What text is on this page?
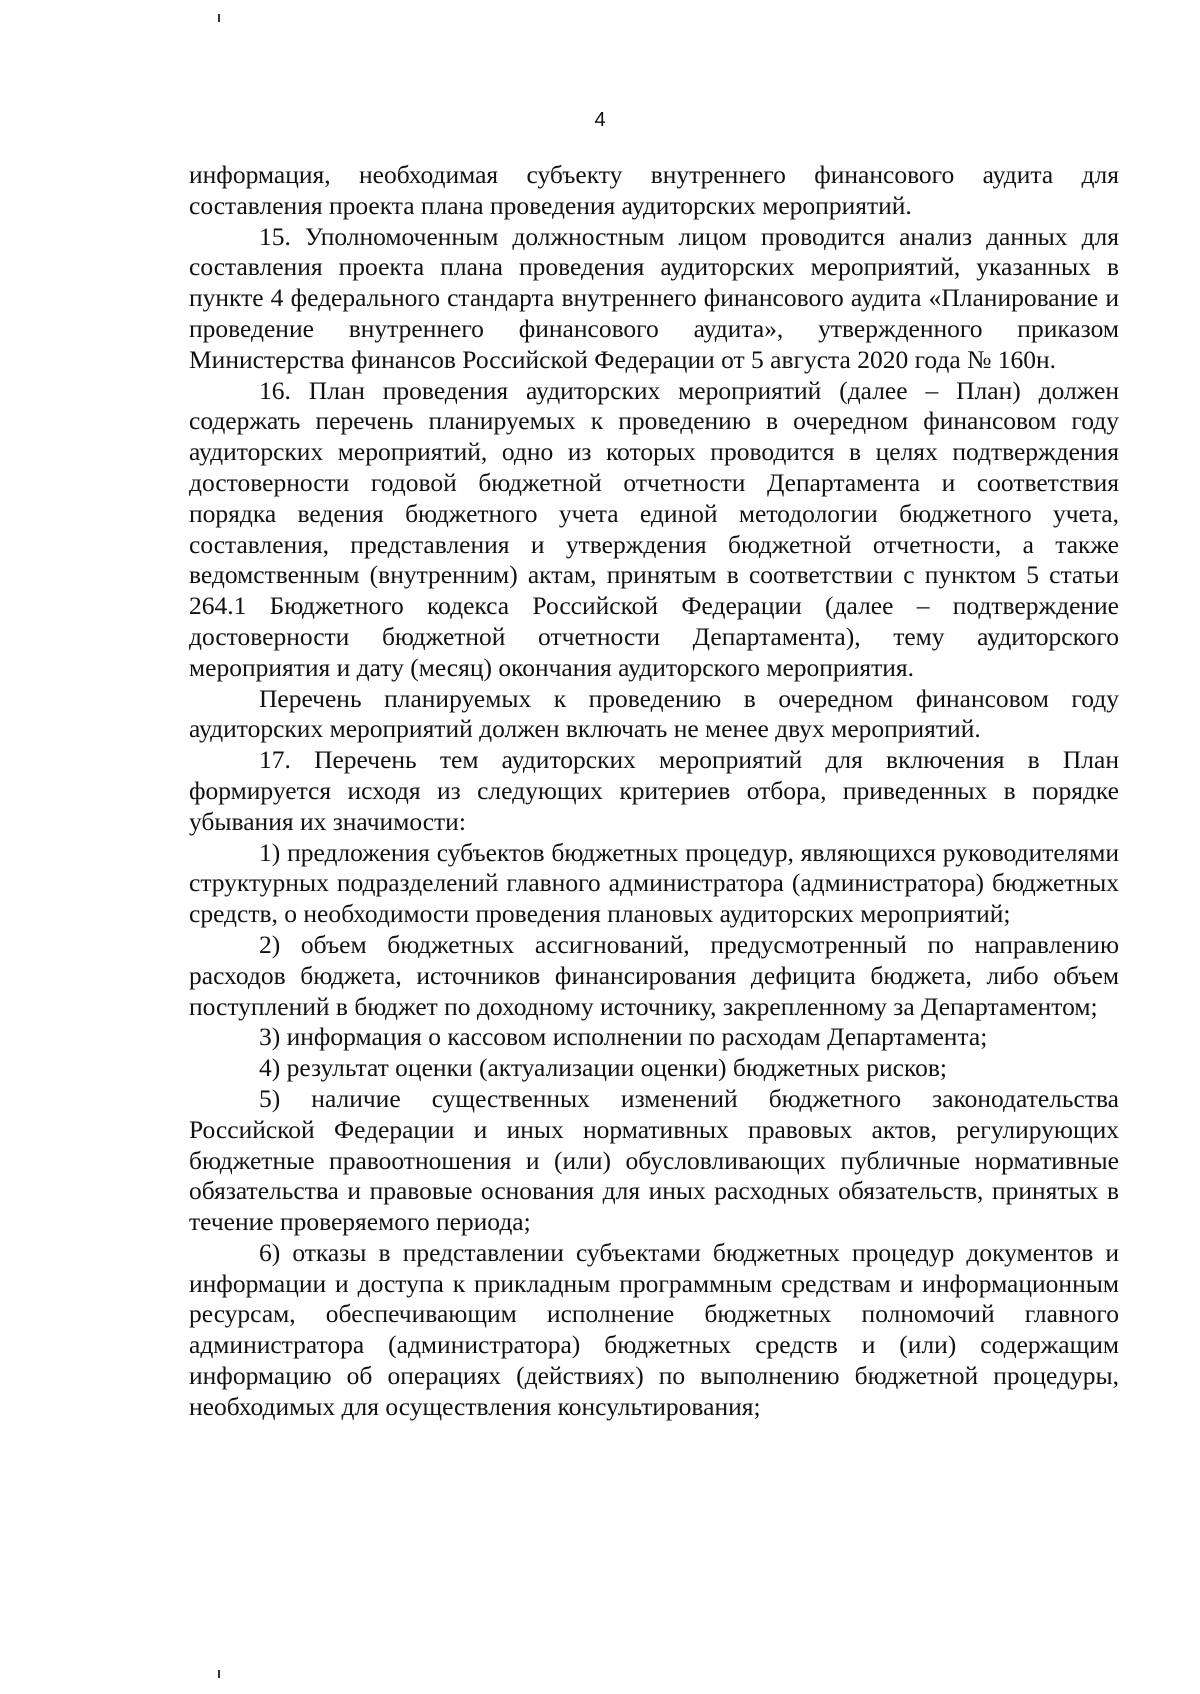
4

информация, необходимая субъекту внутреннего финансового аудита для составления проекта плана проведения аудиторских мероприятий.

15. Уполномоченным должностным лицом проводится анализ данных для составления проекта плана проведения аудиторских мероприятий, указанных в пункте 4 федерального стандарта внутреннего финансового аудита «Планирование и проведение внутреннего финансового аудита», утвержденного приказом Министерства финансов Российской Федерации от 5 августа 2020 года № 160н.

16. План проведения аудиторских мероприятий (далее – План) должен содержать перечень планируемых к проведению в очередном финансовом году аудиторских мероприятий, одно из которых проводится в целях подтверждения достоверности годовой бюджетной отчетности Департамента и соответствия порядка ведения бюджетного учета единой методологии бюджетного учета, составления, представления и утверждения бюджетной отчетности, а также ведомственным (внутренним) актам, принятым в соответствии с пунктом 5 статьи 264.1 Бюджетного кодекса Российской Федерации (далее – подтверждение достоверности бюджетной отчетности Департамента), тему аудиторского мероприятия и дату (месяц) окончания аудиторского мероприятия.

Перечень планируемых к проведению в очередном финансовом году аудиторских мероприятий должен включать не менее двух мероприятий.

17. Перечень тем аудиторских мероприятий для включения в План формируется исходя из следующих критериев отбора, приведенных в порядке убывания их значимости:

1) предложения субъектов бюджетных процедур, являющихся руководителями структурных подразделений главного администратора (администратора) бюджетных средств, о необходимости проведения плановых аудиторских мероприятий;

2) объем бюджетных ассигнований, предусмотренный по направлению расходов бюджета, источников финансирования дефицита бюджета, либо объем поступлений в бюджет по доходному источнику, закрепленному за Департаментом;

3) информация о кассовом исполнении по расходам Департамента;

4) результат оценки (актуализации оценки) бюджетных рисков;

5) наличие существенных изменений бюджетного законодательства Российской Федерации и иных нормативных правовых актов, регулирующих бюджетные правоотношения и (или) обусловливающих публичные нормативные обязательства и правовые основания для иных расходных обязательств, принятых в течение проверяемого периода;

6) отказы в представлении субъектами бюджетных процедур документов и информации и доступа к прикладным программным средствам и информационным ресурсам, обеспечивающим исполнение бюджетных полномочий главного администратора (администратора) бюджетных средств и (или) содержащим информацию об операциях (действиях) по выполнению бюджетной процедуры, необходимых для осуществления консультирования;
